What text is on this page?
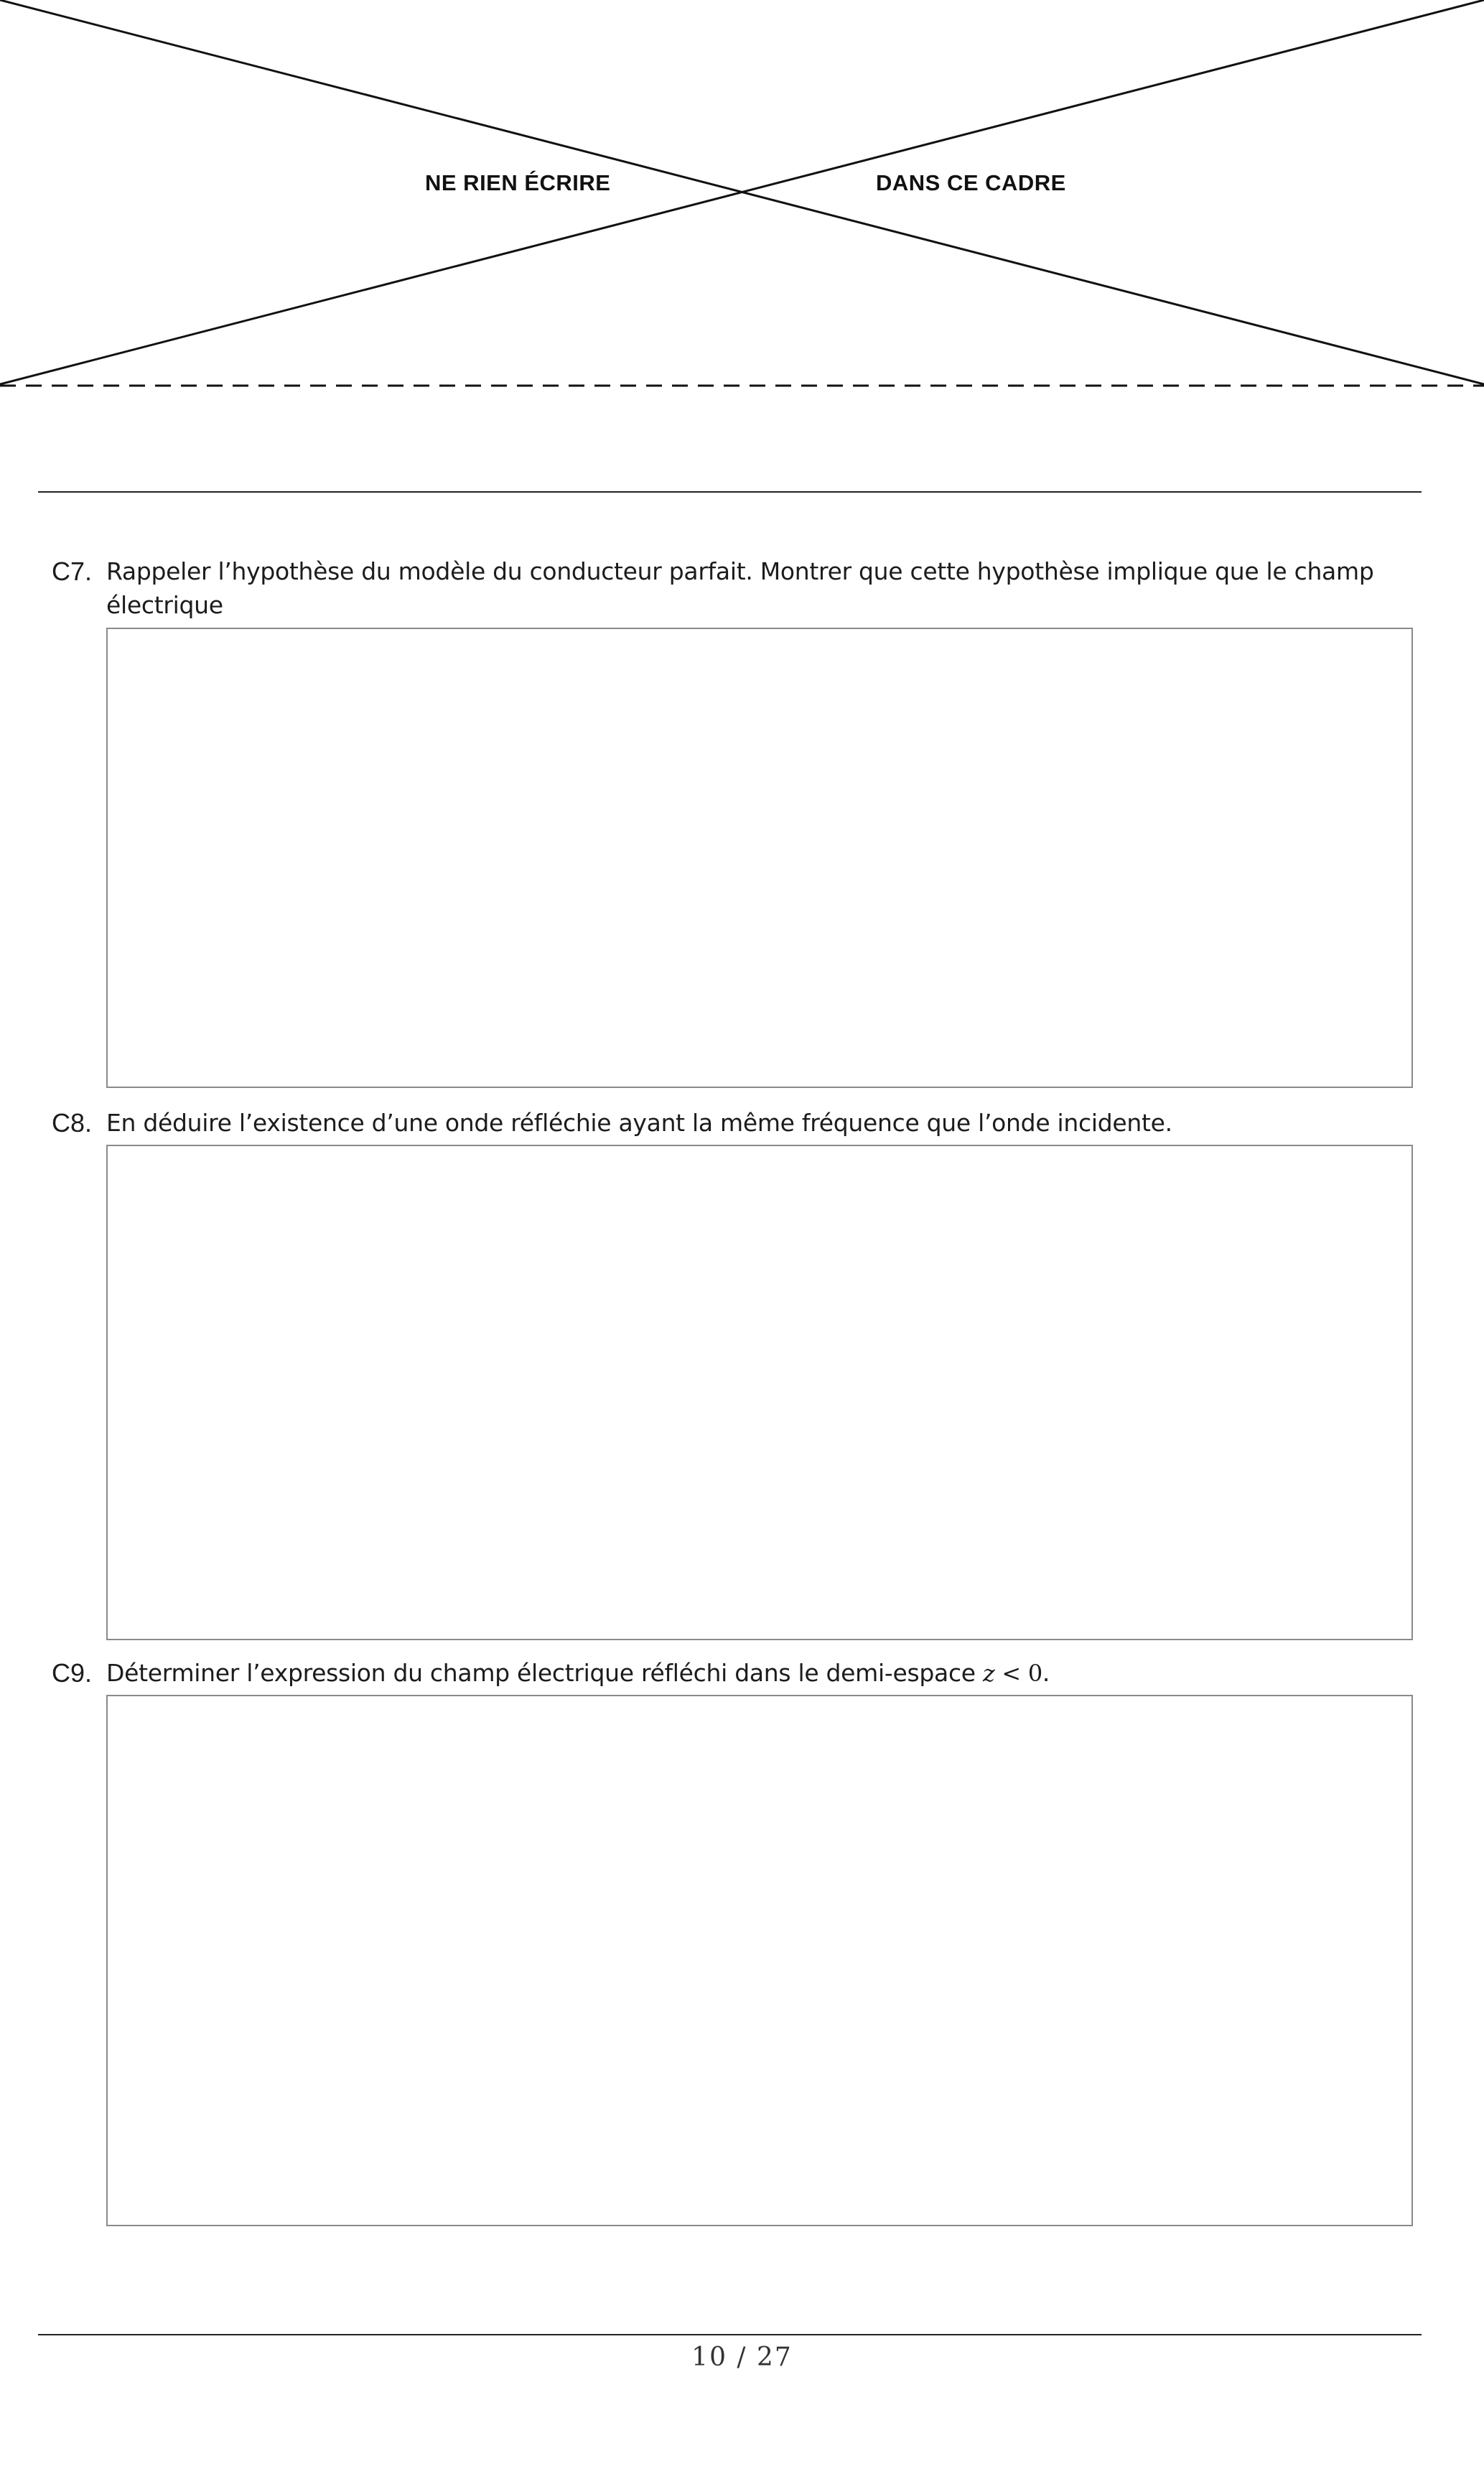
NE RIEN ÉCRIRE	DANS CE CADRE
C7. Rappeler l’hypothèse du modèle du conducteur parfait. Montrer que cette hypothèse implique que le champ électrique
C8. En déduire l’existence d’une onde réfléchie ayant la même fréquence que l’onde incidente.
C9. Déterminer l’expression du champ électrique réfléchi dans le demi-espace z < 0.
10 / 27
